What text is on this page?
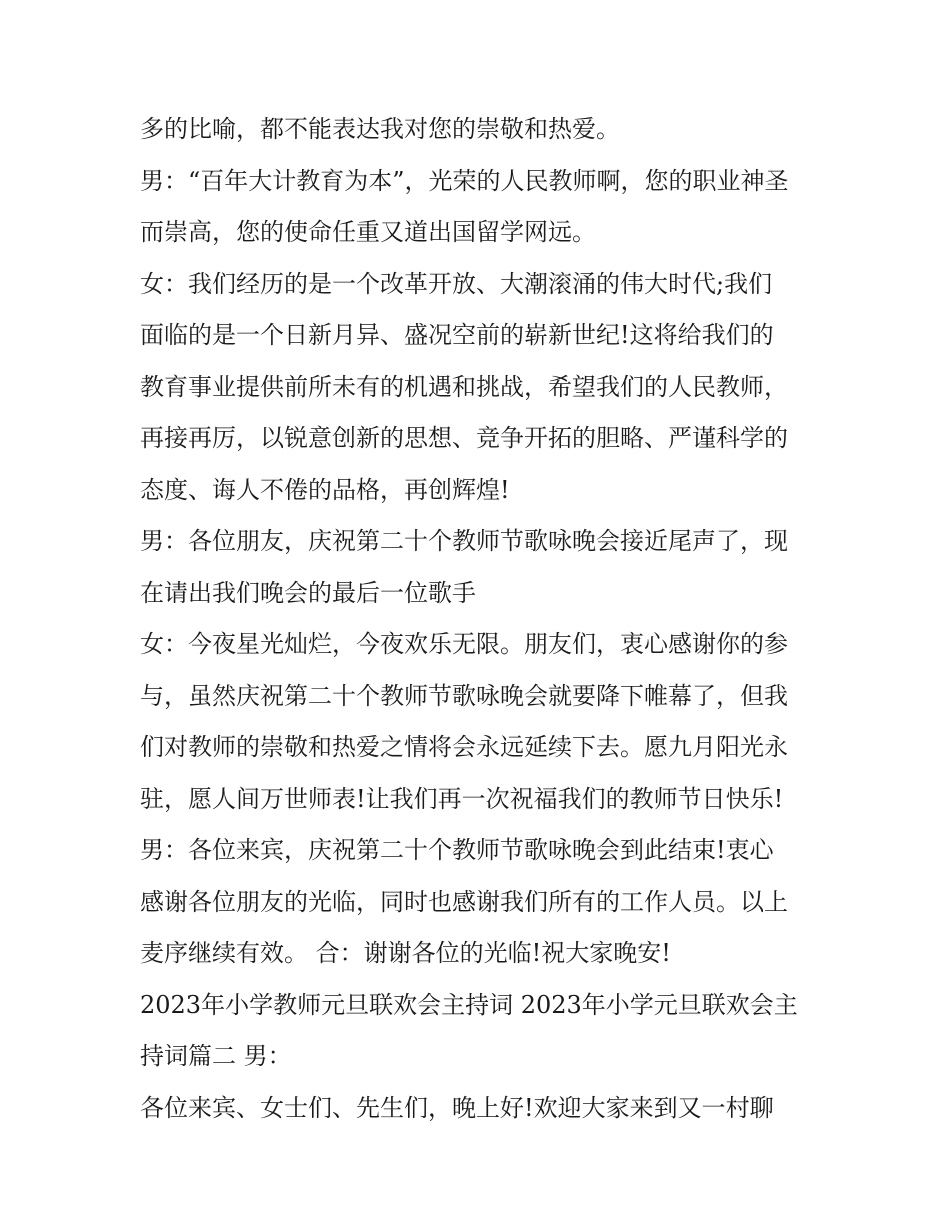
多的比喻，都不能表达我对您的崇敬和热爱。
男：“百年大计教育为本”，光荣的人民教师啊，您的职业神圣
而崇高，您的使命任重又道出国留学网远。
女：我们经历的是一个改革开放、大潮滚涌的伟大时代;我们
面临的是一个日新月异、盛况空前的崭新世纪!这将给我们的
教育事业提供前所未有的机遇和挑战，希望我们的人民教师，
再接再厉，以锐意创新的思想、竞争开拓的胆略、严谨科学的
态度、诲人不倦的品格，再创辉煌!
男：各位朋友，庆祝第二十个教师节歌咏晚会接近尾声了，现
在请出我们晚会的最后一位歌手
女：今夜星光灿烂，今夜欢乐无限。朋友们，衷心感谢你的参
与，虽然庆祝第二十个教师节歌咏晚会就要降下帷幕了，但我
们对教师的崇敬和热爱之情将会永远延续下去。愿九月阳光永
驻，愿人间万世师表!让我们再一次祝福我们的教师节日快乐!
男：各位来宾，庆祝第二十个教师节歌咏晚会到此结束!衷心
感谢各位朋友的光临，同时也感谢我们所有的工作人员。以上
麦序继续有效。 合：谢谢各位的光临!祝大家晚安!
2023年小学教师元旦联欢会主持词 2023年小学元旦联欢会主
持词篇二 男：
各位来宾、女士们、先生们，晚上好!欢迎大家来到又一村聊
